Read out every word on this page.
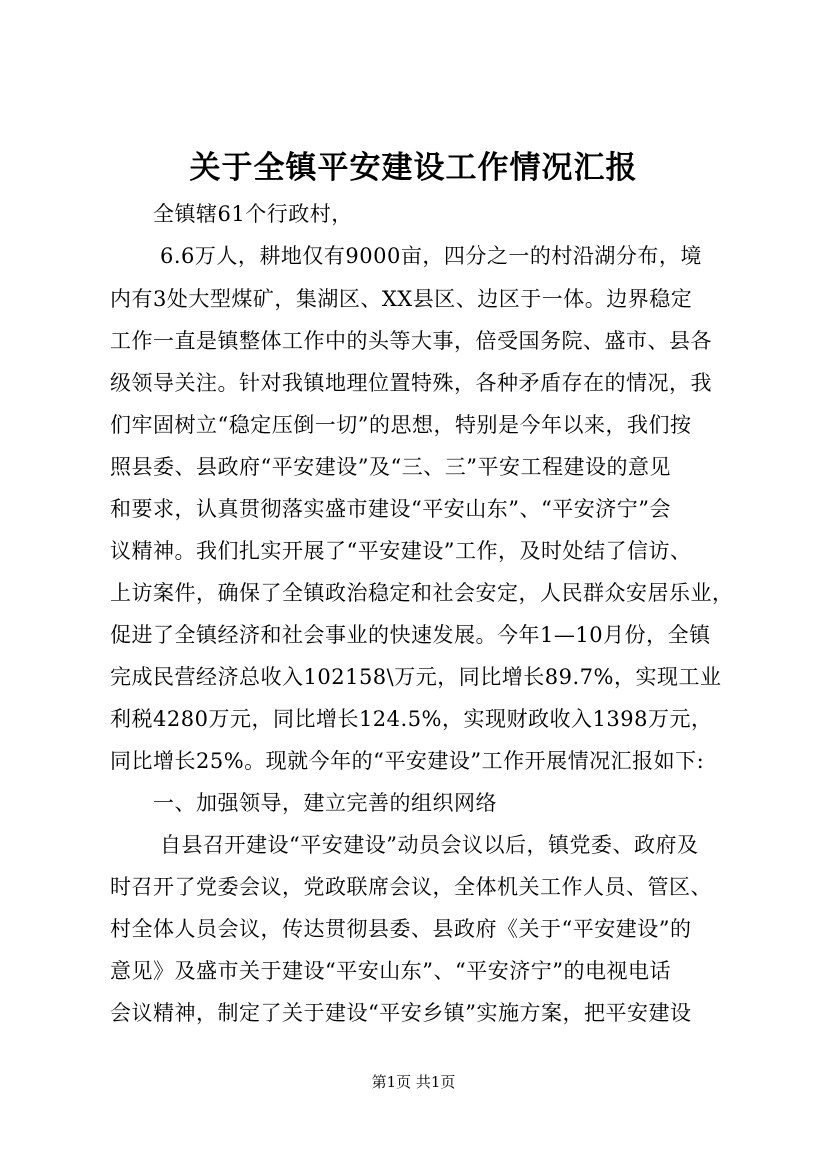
关于全镇平安建设工作情况汇报
全镇辖61个行政村，
6.6万人，耕地仅有9000亩，四分之一的村沿湖分布，境
内有3处大型煤矿，集湖区、XX县区、边区于一体。边界稳定
工作一直是镇整体工作中的头等大事，倍受国务院、盛市、县各
级领导关注。针对我镇地理位置特殊，各种矛盾存在的情况，我
们牢固树立“稳定压倒一切”的思想，特别是今年以来，我们按
照县委、县政府“平安建设”及“三、三”平安工程建设的意见
和要求，认真贯彻落实盛市建设“平安山东”、“平安济宁”会
议精神。我们扎实开展了“平安建设”工作，及时处结了信访、
上访案件，确保了全镇政治稳定和社会安定，人民群众安居乐业，
促进了全镇经济和社会事业的快速发展。今年1—10月份，全镇
完成民营经济总收入102158\万元，同比增长89.7%，实现工业
利税4280万元，同比增长124.5%，实现财政收入1398万元，
同比增长25%。现就今年的“平安建设”工作开展情况汇报如下:
一、加强领导，建立完善的组织网络
自县召开建设“平安建设”动员会议以后，镇党委、政府及
时召开了党委会议，党政联席会议，全体机关工作人员、管区、
村全体人员会议，传达贯彻县委、县政府《关于“平安建设”的
意见》及盛市关于建设“平安山东”、“平安济宁”的电视电话
会议精神，制定了关于建设“平安乡镇”实施方案，把平安建设
第1页 共1页
